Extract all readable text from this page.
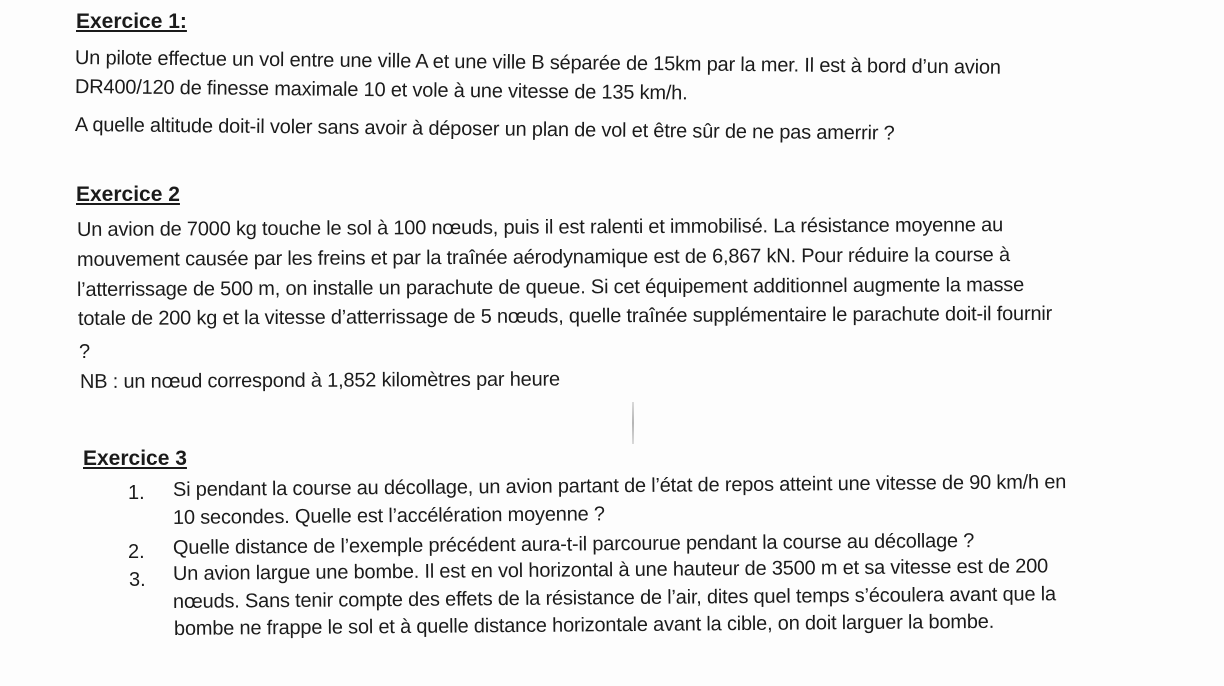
Exercice 1:
Un pilote effectue un vol entre une ville A et une ville B séparée de 15km par la mer. Il est à bord d’un avion
DR400/120 de finesse maximale 10 et vole à une vitesse de 135 km/h.
A quelle altitude doit-il voler sans avoir à déposer un plan de vol et être sûr de ne pas amerrir ?
Exercice 2
Un avion de 7000 kg touche le sol à 100 nœuds, puis il est ralenti et immobilisé. La résistance moyenne au
mouvement causée par les freins et par la traînée aérodynamique est de 6,867 kN. Pour réduire la course à
l’atterrissage de 500 m, on installe un parachute de queue. Si cet équipement additionnel augmente la masse
totale de 200 kg et la vitesse d’atterrissage de 5 nœuds, quelle traînée supplémentaire le parachute doit-il fournir
?
NB : un nœud correspond à 1,852 kilomètres par heure
Exercice 3
1. Si pendant la course au décollage, un avion partant de l’état de repos atteint une vitesse de 90 km/h en
10 secondes. Quelle est l’accélération moyenne ?
2. Quelle distance de l’exemple précédent aura-t-il parcourue pendant la course au décollage ?
3. Un avion largue une bombe. Il est en vol horizontal à une hauteur de 3500 m et sa vitesse est de 200
nœuds. Sans tenir compte des effets de la résistance de l’air, dites quel temps s’écoulera avant que la
bombe ne frappe le sol et à quelle distance horizontale avant la cible, on doit larguer la bombe.
